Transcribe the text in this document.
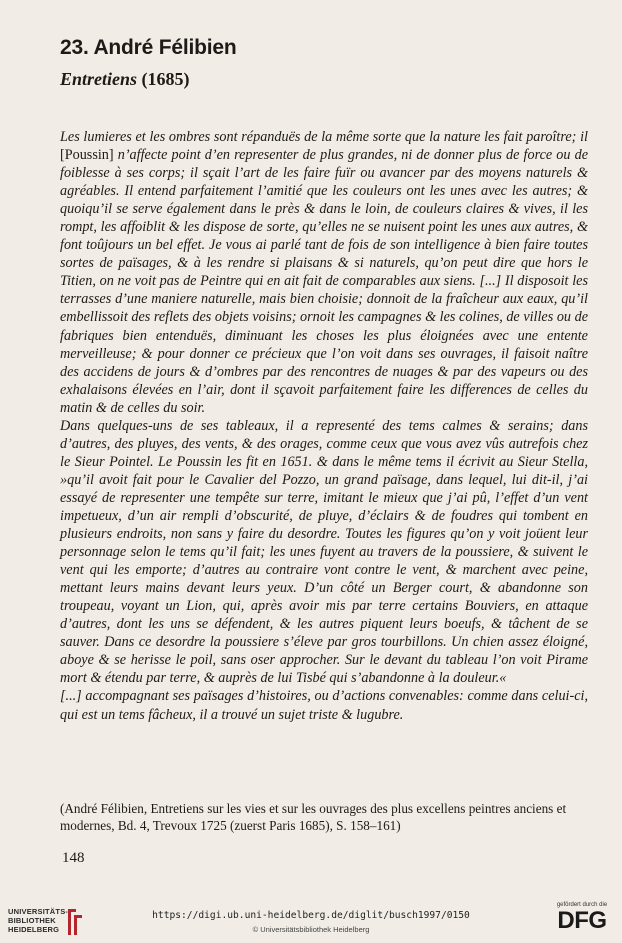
23. André Félibien
Entretiens (1685)

Les lumieres et les ombres sont répanduës de la même sorte que la nature les fait paroître; il [Poussin] n’affecte point d’en representer de plus grandes, ni de donner plus de force ou de foiblesse à ses corps; il sçait l’art de les faire fuïr ou avancer par des moyens naturels & agréables. Il entend parfaitement l’amitié que les couleurs ont les unes avec les autres; & quoiqu’il se serve également dans le près & dans le loin, de couleurs claires & vives, il les rompt, les affoiblit & les dispose de sorte, qu’elles ne se nuisent point les unes aux autres, & font toûjours un bel effet. Je vous ai parlé tant de fois de son intelligence à bien faire toutes sortes de païsages, & à les rendre si plaisans & si naturels, qu’on peut dire que hors le Titien, on ne voit pas de Peintre qui en ait fait de comparables aux siens. [...] Il disposoit les terrasses d’une maniere naturelle, mais bien choisie; donnoit de la fraîcheur aux eaux, qu’il embellissoit des reflets des objets voisins; ornoit les campagnes & les colines, de villes ou de fabriques bien entenduës, diminuant les choses les plus éloignées avec une entente merveilleuse; & pour donner ce précieux que l’on voit dans ses ouvrages, il faisoit naître des accidens de jours & d’ombres par des rencontres de nuages & par des vapeurs ou des exhalaisons élevées en l’air, dont il sçavoit parfaitement faire les differences de celles du matin & de celles du soir.

Dans quelques-uns de ses tableaux, il a representé des tems calmes & serains; dans d’autres, des pluyes, des vents, & des orages, comme ceux que vous avez vûs autrefois chez le Sieur Pointel. Le Poussin les fit en 1651. & dans le même tems il écrivit au Sieur Stella, »qu’il avoit fait pour le Cavalier del Pozzo, un grand païsage, dans lequel, lui dit-il, j’ai essayé de representer une tempête sur terre, imitant le mieux que j’ai pû, l’effet d’un vent impetueux, d’un air rempli d’obscurité, de pluye, d’éclairs & de foudres qui tombent en plusieurs endroits, non sans y faire du desordre. Toutes les figures qu’on y voit joüent leur personnage selon le tems qu’il fait; les unes fuyent au travers de la poussiere, & suivent le vent qui les emporte; d’autres au contraire vont contre le vent, & marchent avec peine, mettant leurs mains devant leurs yeux. D’un côté un Berger court, & abandonne son troupeau, voyant un Lion, qui, après avoir mis par terre certains Bouviers, en attaque d’autres, dont les uns se défendent, & les autres piquent leurs boeufs, & tâchent de se sauver. Dans ce desordre la poussiere s’éleve par gros tourbillons. Un chien assez éloigné, aboye & se herisse le poil, sans oser approcher. Sur le devant du tableau l’on voit Pirame mort & étendu par terre, & auprès de lui Tisbé qui s’abandonne à la douleur.«

[...] accompagnant ses païsages d’histoires, ou d’actions convenables: comme dans celui-ci, qui est un tems fâcheux, il a trouvé un sujet triste & lugubre.

(André Félibien, Entretiens sur les vies et sur les ouvrages des plus excellens peintres anciens et modernes, Bd. 4, Trevoux 1725 (zuerst Paris 1685), S. 158–161)
148
UNIVERSITÄTS-
BIBLIOTHEK
HEIDELBERG
https://digi.ub.uni-heidelberg.de/diglit/busch1997/0150
© Universitätsbibliothek Heidelberg
gefördert durch die
DFG
